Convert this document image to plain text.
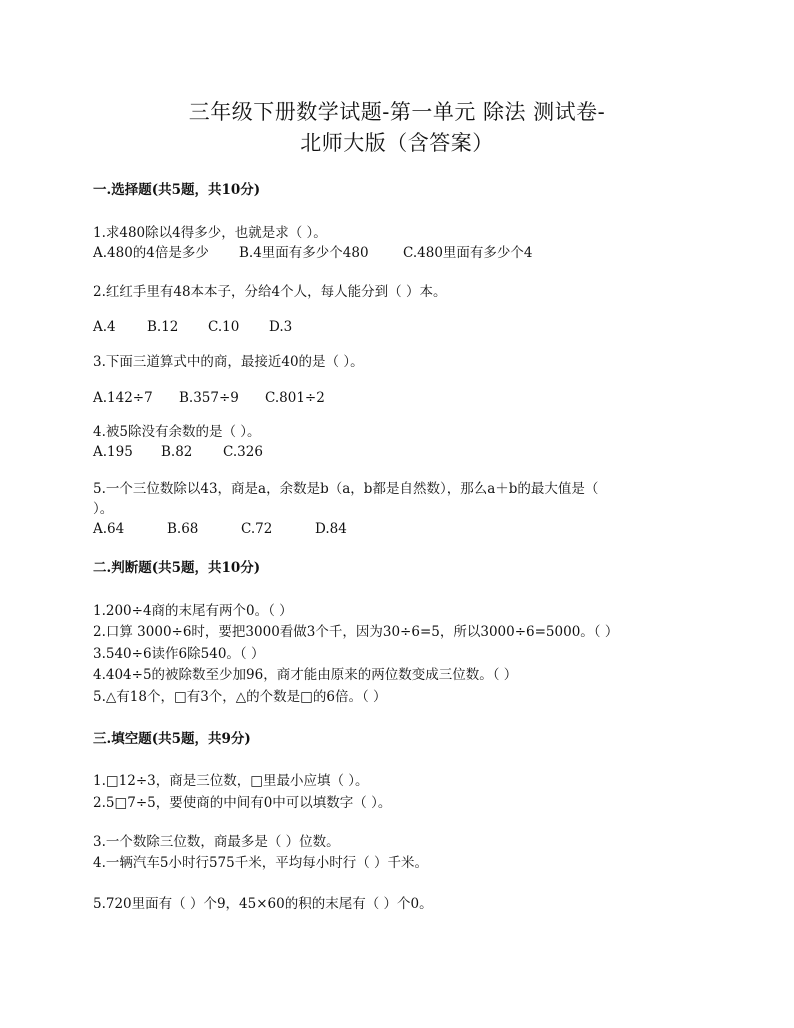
三年级下册数学试题-第一单元 除法 测试卷-
北师大版（含答案）
一.选择题(共5题，共10分)
1.求480除以4得多少，也就是求（ ）。
A.480的4倍是多少 B.4里面有多少个480	C.480里面有多少个4
2.红红手里有48本本子，分给4个人，每人能分到（ ）本。
A.4 B.12 C.10 D.3
3.下面三道算式中的商，最接近40的是（ ）。
A.142÷7 B.357÷9 C.801÷2
4.被5除没有余数的是（ ）。
A.195 B.82 C.326
5.一个三位数除以43，商是a，余数是b（a，b都是自然数），那么a＋b的最大值是（
）。
A.64	B.68	C.72	D.84
二.判断题(共5题，共10分)
1.200÷4商的末尾有两个0。（ ）
2.口算 3000÷6时，要把3000看做3个千，因为30÷6=5，所以3000÷6=5000。（ ）
3.540÷6读作6除540。（ ）
4.404÷5的被除数至少加96，商才能由原来的两位数变成三位数。（ ）
5.△有18个，□有3个，△的个数是□的6倍。（ ）
三.填空题(共5题，共9分)
1.□12÷3，商是三位数，□里最小应填（ ）。
2.5□7÷5，要使商的中间有0中可以填数字（ ）。
3.一个数除三位数，商最多是（ ）位数。
4.一辆汽车5小时行575千米，平均每小时行（ ）千米。
5.720里面有（ ）个9，45×60的积的末尾有（ ）个0。
